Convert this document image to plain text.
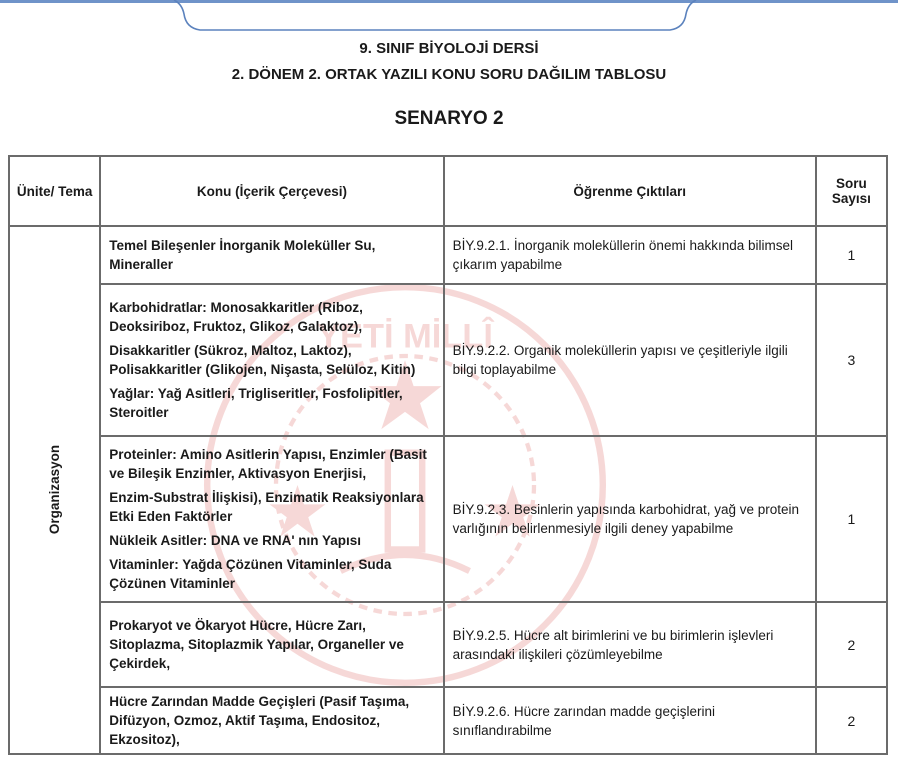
9. SINIF BİYOLOJİ DERSİ
2. DÖNEM 2. ORTAK YAZILI KONU SORU DAĞILIM TABLOSU
SENARYO 2
YETİ MİLLÎ
Ünite/ Tema	Konu (İçerik Çerçevesi)	Öğrenme Çıktıları	Soru Sayısı
Organizasyon	Temel Bileşenler İnorganik Moleküller Su, Mineraller	BİY.9.2.1. İnorganik moleküllerin önemi hakkında bilimsel çıkarım yapabilme	1

	Karbohidratlar: Monosakkaritler (Riboz, Deoksiriboz, Fruktoz, Glikoz, Galaktoz),

Disakkaritler (Sükroz, Maltoz, Laktoz), Polisakkaritler (Glikojen, Nişasta, Selüloz, Kitin)

Yağlar: Yağ Asitleri, Trigliseritler, Fosfolipitler, Steroitler	BİY.9.2.2. Organik moleküllerin yapısı ve çeşitleriyle ilgili bilgi toplayabilme	3

	Proteinler: Amino Asitlerin Yapısı, Enzimler (Basit ve Bileşik Enzimler, Aktivasyon Enerjisi,

Enzim-Substrat İlişkisi), Enzimatik Reaksiyonlara Etki Eden Faktörler

Nükleik Asitler: DNA ve RNA' nın Yapısı

Vitaminler: Yağda Çözünen Vitaminler, Suda Çözünen Vitaminler	BİY.9.2.3. Besinlerin yapısında karbohidrat, yağ ve protein varlığının belirlenmesiyle ilgili deney yapabilme	1

	Prokaryot ve Ökaryot Hücre, Hücre Zarı, Sitoplazma, Sitoplazmik Yapılar, Organeller ve Çekirdek,	BİY.9.2.5. Hücre alt birimlerini ve bu birimlerin işlevleri arasındaki ilişkileri çözümleyebilme	2

	Hücre Zarından Madde Geçişleri (Pasif Taşıma, Difüzyon, Ozmoz, Aktif Taşıma, Endositoz, Ekzositoz),	BİY.9.2.6. Hücre zarından madde geçişlerini sınıflandırabilme	2
